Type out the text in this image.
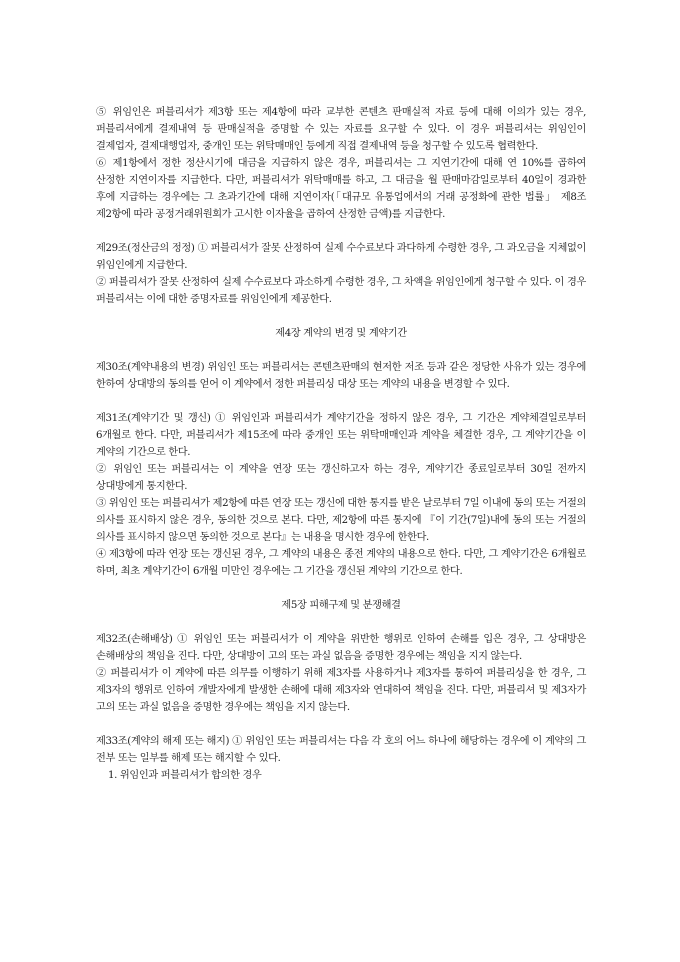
⑤ 위임인은 퍼블리셔가 제3항 또는 제4항에 따라 교부한 콘텐츠 판매실적 자료 등에 대해 이의가 있는 경우, 퍼블리셔에게 결제내역 등 판매실적을 증명할 수 있는 자료를 요구할 수 있다. 이 경우 퍼블리셔는 위임인이 결제업자, 결제대행업자, 중개인 또는 위탁매매인 등에게 직접 결제내역 등을 청구할 수 있도록 협력한다.

⑥ 제1항에서 정한 정산시기에 대금을 지급하지 않은 경우, 퍼블리셔는 그 지연기간에 대해 연 10%를 곱하여 산정한 지연이자를 지급한다. 다만, 퍼블리셔가 위탁매매를 하고, 그 대금을 월 판매마감일로부터 40일이 경과한 후에 지급하는 경우에는 그 초과기간에 대해 지연이자(「대규모 유통업에서의 거래 공정화에 관한 법률」 제8조 제2항에 따라 공정거래위원회가 고시한 이자율을 곱하여 산정한 금액)를 지급한다.

제29조(정산금의 정정) ① 퍼블리셔가 잘못 산정하여 실제 수수료보다 과다하게 수령한 경우, 그 과오금을 지체없이 위임인에게 지급한다.

② 퍼블리셔가 잘못 산정하여 실제 수수료보다 과소하게 수령한 경우, 그 차액을 위임인에게 청구할 수 있다. 이 경우 퍼블리셔는 이에 대한 증명자료를 위임인에게 제공한다.

제4장 계약의 변경 및 계약기간

제30조(계약내용의 변경) 위임인 또는 퍼블리셔는 콘텐츠판매의 현저한 저조 등과 같은 정당한 사유가 있는 경우에 한하여 상대방의 동의를 얻어 이 계약에서 정한 퍼블리싱 대상 또는 계약의 내용을 변경할 수 있다.

제31조(계약기간 및 갱신) ① 위임인과 퍼블리셔가 계약기간을 정하지 않은 경우, 그 기간은 계약체결일로부터 6개월로 한다. 다만, 퍼블리셔가 제15조에 따라 중개인 또는 위탁매매인과 계약을 체결한 경우, 그 계약기간을 이 계약의 기간으로 한다.

② 위임인 또는 퍼블리셔는 이 계약을 연장 또는 갱신하고자 하는 경우, 계약기간 종료일로부터 30일 전까지 상대방에게 통지한다.

③ 위임인 또는 퍼블리셔가 제2항에 따른 연장 또는 갱신에 대한 통지를 받은 날로부터 7일 이내에 동의 또는 거절의 의사를 표시하지 않은 경우, 동의한 것으로 본다. 다만, 제2항에 따른 통지에 『이 기간(7일)내에 동의 또는 거절의 의사를 표시하지 않으면 동의한 것으로 본다』는 내용을 명시한 경우에 한한다.

④ 제3항에 따라 연장 또는 갱신된 경우, 그 계약의 내용은 종전 계약의 내용으로 한다. 다만, 그 계약기간은 6개월로 하며, 최초 계약기간이 6개월 미만인 경우에는 그 기간을 갱신된 계약의 기간으로 한다.

제5장 피해구제 및 분쟁해결

제32조(손해배상) ① 위임인 또는 퍼블리셔가 이 계약을 위반한 행위로 인하여 손해를 입은 경우, 그 상대방은 손해배상의 책임을 진다. 다만, 상대방이 고의 또는 과실 없음을 증명한 경우에는 책임을 지지 않는다.

② 퍼블리셔가 이 계약에 따른 의무를 이행하기 위해 제3자를 사용하거나 제3자를 통하여 퍼블리싱을 한 경우, 그 제3자의 행위로 인하여 개발자에게 발생한 손해에 대해 제3자와 연대하여 책임을 진다. 다만, 퍼블리셔 및 제3자가 고의 또는 과실 없음을 증명한 경우에는 책임을 지지 않는다.

제33조(계약의 해제 또는 해지) ① 위임인 또는 퍼블리셔는 다음 각 호의 어느 하나에 해당하는 경우에 이 계약의 그 전부 또는 일부를 해제 또는 해지할 수 있다.

1. 위임인과 퍼블리셔가 합의한 경우
